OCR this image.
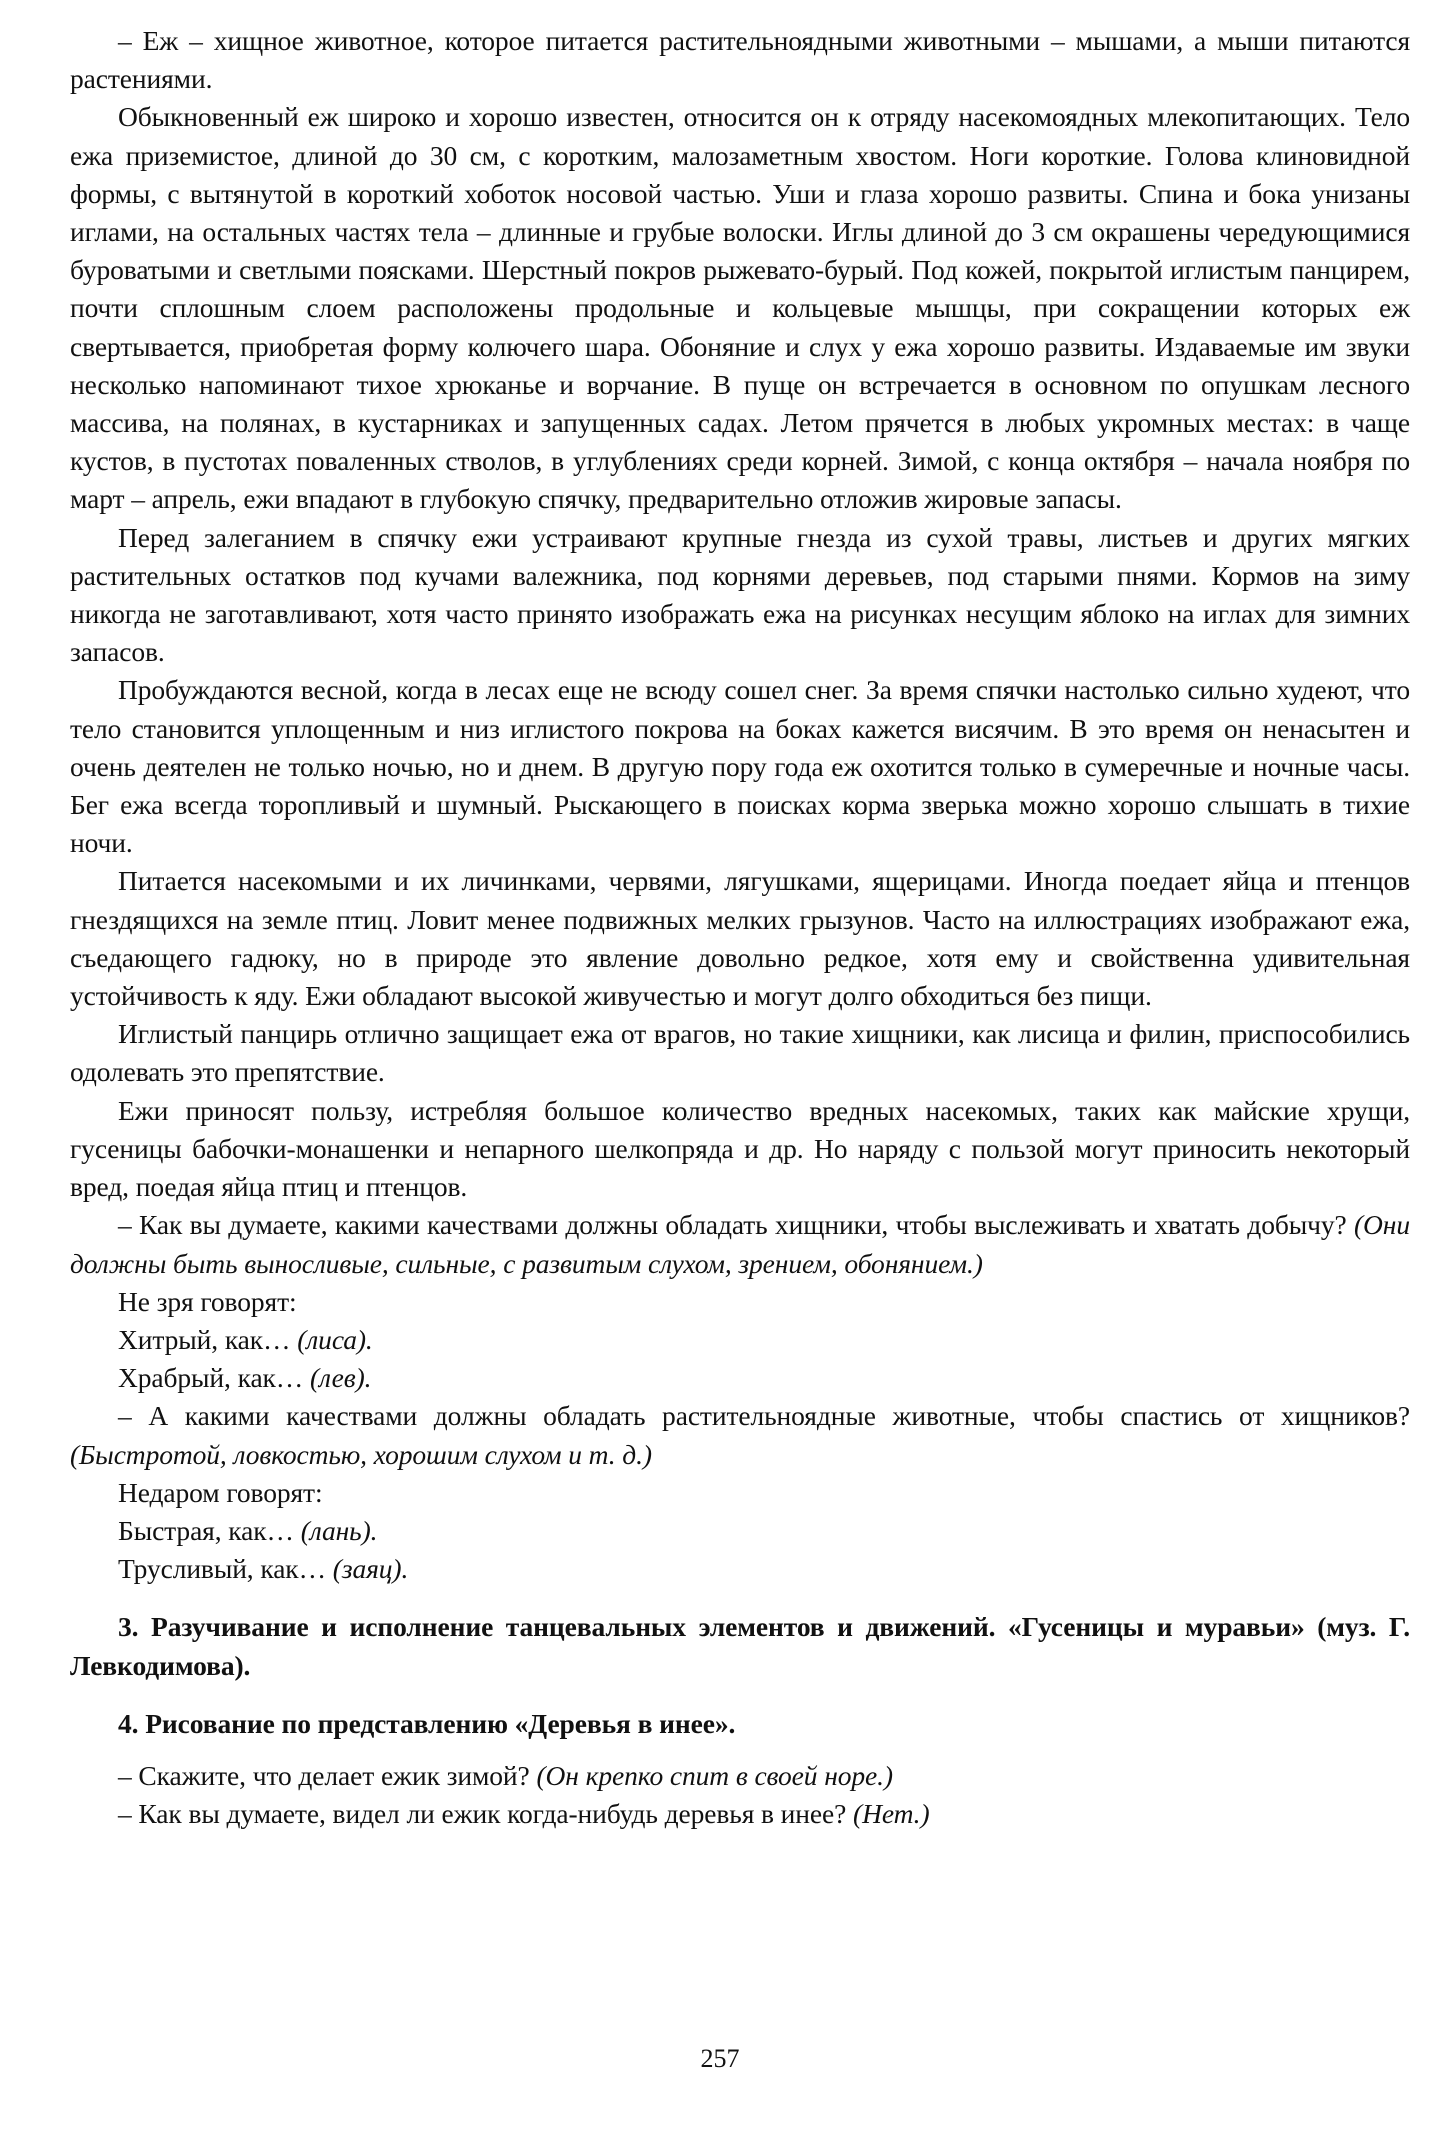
– Еж – хищное животное, которое питается растительноядными животными – мышами, а мыши питаются растениями.

Обыкновенный еж широко и хорошо известен, относится он к отряду насекомоядных млекопитающих. Тело ежа приземистое, длиной до 30 см, с коротким, малозаметным хвостом. Ноги короткие. Голова клиновидной формы, с вытянутой в короткий хоботок носовой частью. Уши и глаза хорошо развиты. Спина и бока унизаны иглами, на остальных частях тела – длинные и грубые волоски. Иглы длиной до 3 см окрашены чередующимися буроватыми и светлыми поясками. Шерстный покров рыжевато-бурый. Под кожей, покрытой иглистым панцирем, почти сплошным слоем расположены продольные и кольцевые мышцы, при сокращении которых еж свертывается, приобретая форму колючего шара. Обоняние и слух у ежа хорошо развиты. Издаваемые им звуки несколько напоминают тихое хрюканье и ворчание. В пуще он встречается в основном по опушкам лесного массива, на полянах, в кустарниках и запущенных садах. Летом прячется в любых укромных местах: в чаще кустов, в пустотах поваленных стволов, в углублениях среди корней. Зимой, с конца октября – начала ноября по март – апрель, ежи впадают в глубокую спячку, предварительно отложив жировые запасы.

Перед залеганием в спячку ежи устраивают крупные гнезда из сухой травы, листьев и других мягких растительных остатков под кучами валежника, под корнями деревьев, под старыми пнями. Кормов на зиму никогда не заготавливают, хотя часто принято изображать ежа на рисунках несущим яблоко на иглах для зимних запасов.

Пробуждаются весной, когда в лесах еще не всюду сошел снег. За время спячки настолько сильно худеют, что тело становится уплощенным и низ иглистого покрова на боках кажется висячим. В это время он ненасытен и очень деятелен не только ночью, но и днем. В другую пору года еж охотится только в сумеречные и ночные часы. Бег ежа всегда торопливый и шумный. Рыскающего в поисках корма зверька можно хорошо слышать в тихие ночи.

Питается насекомыми и их личинками, червями, лягушками, ящерицами. Иногда поедает яйца и птенцов гнездящихся на земле птиц. Ловит менее подвижных мелких грызунов. Часто на иллюстрациях изображают ежа, съедающего гадюку, но в природе это явление довольно редкое, хотя ему и свойственна удивительная устойчивость к яду. Ежи обладают высокой живучестью и могут долго обходиться без пищи.

Иглистый панцирь отлично защищает ежа от врагов, но такие хищники, как лисица и филин, приспособились одолевать это препятствие.

Ежи приносят пользу, истребляя большое количество вредных насекомых, таких как майские хрущи, гусеницы бабочки-монашенки и непарного шелкопряда и др. Но наряду с пользой могут приносить некоторый вред, поедая яйца птиц и птенцов.

– Как вы думаете, какими качествами должны обладать хищники, чтобы выслеживать и хватать добычу? (Они должны быть выносливые, сильные, с развитым слухом, зрением, обонянием.)

Не зря говорят:

Хитрый, как… (лиса).

Храбрый, как… (лев).

– А какими качествами должны обладать растительноядные животные, чтобы спастись от хищников? (Быстротой, ловкостью, хорошим слухом и т. д.)

Недаром говорят:

Быстрая, как… (лань).

Трусливый, как… (заяц).

3. Разучивание и исполнение танцевальных элементов и движений. «Гусеницы и муравьи» (муз. Г. Левкодимова).

4. Рисование по представлению «Деревья в инее».

– Скажите, что делает ежик зимой? (Он крепко спит в своей норе.)

– Как вы думаете, видел ли ежик когда-нибудь деревья в инее? (Нет.)

257
